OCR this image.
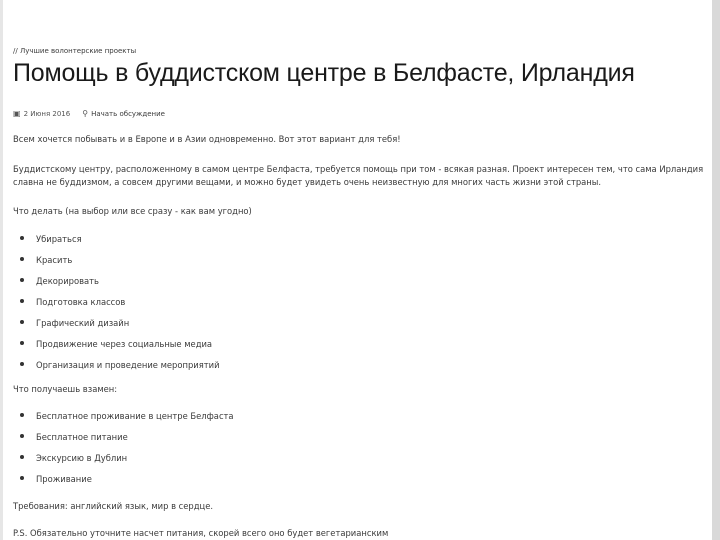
// Лучшие волонтерские проекты
Помощь в буддистском центре в Белфасте, Ирландия
▣ 2 Июня 2016 ⚲ Начать обсуждение

Всем хочется побывать и в Европе и в Азии одновременно. Вот этот вариант для тебя!

Буддистскому центру, расположенному в самом центре Белфаста, требуется помощь при том - всякая разная. Проект интересен тем, что сама Ирландия славна не буддизмом, а совсем другими вещами, и можно будет увидеть очень неизвестную для многих часть жизни этой страны.

Что делать (на выбор или все сразу - как вам угодно)

Убираться
Красить
Декорировать
Подготовка классов
Графический дизайн
Продвижение через социальные медиа
Организация и проведение мероприятий

Что получаешь взамен:

Бесплатное проживание в центре Белфаста
Бесплатное питание
Экскурсию в Дублин
Проживание

Требования: английский язык, мир в сердце.

P.S. Обязательно уточните насчет питания, скорей всего оно будет вегетарианским
